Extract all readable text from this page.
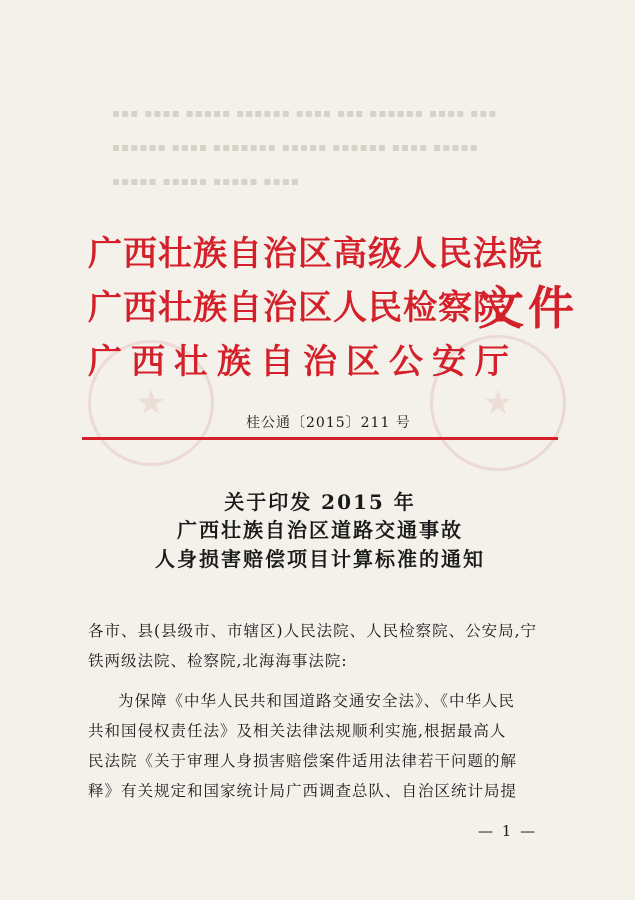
▪▪▪ ▪▪▪▪ ▪▪▪▪▪ ▪▪▪▪▪▪ ▪▪▪▪ ▪▪▪ ▪▪▪▪▪▪ ▪▪▪▪ ▪▪▪
▪▪▪▪▪▪ ▪▪▪▪ ▪▪▪▪▪▪▪ ▪▪▪▪▪ ▪▪▪▪▪▪ ▪▪▪▪ ▪▪▪▪▪
▪▪▪▪▪ ▪▪▪▪▪ ▪▪▪▪▪ ▪▪▪▪
★	★
广西壮族自治区高级人民法院
广西壮族自治区人民检察院
广西壮族自治区公安厅
文件
桂公通〔2015〕211 号
关于印发 2015 年
广西壮族自治区道路交通事故
人身损害赔偿项目计算标准的通知
各市、县(县级市、市辖区)人民法院、人民检察院、公安局,宁
铁两级法院、检察院,北海海事法院:
为保障《中华人民共和国道路交通安全法》、《中华人民
共和国侵权责任法》及相关法律法规顺利实施,根据最高人
民法院《关于审理人身损害赔偿案件适用法律若干问题的解
释》有关规定和国家统计局广西调查总队、自治区统计局提
— 1 —
